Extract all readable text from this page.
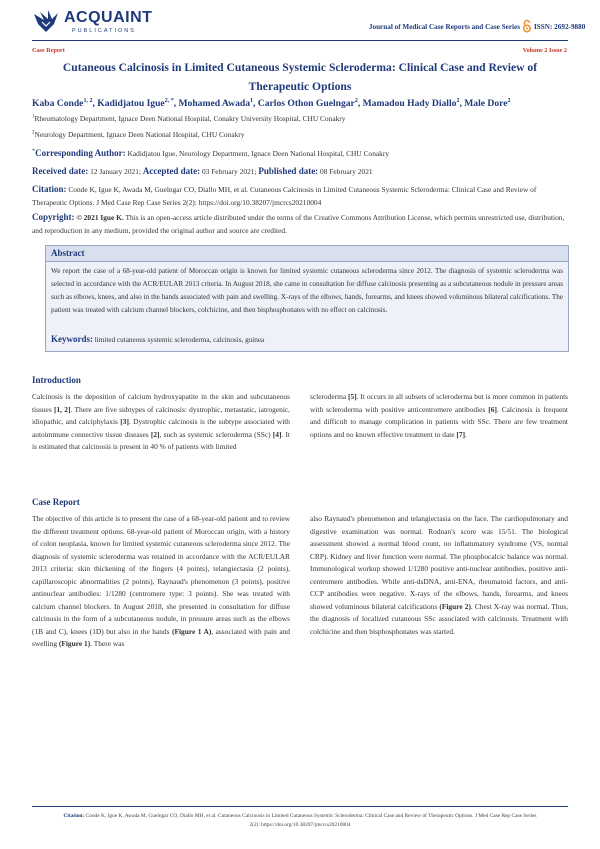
ACQUAINT
PUBLICATIONS	Journal of Medical Case Reports and Case Series ISSN: 2692-9880
Case Report	Volume 2 Issue 2
Cutaneous Calcinosis in Limited Cutaneous Systemic Scleroderma: Clinical Case and Review of
Therapeutic Options
Kaba Conde$^{1, 2}$, Kadidjatou Igue$^{2, *}$, Mohamed Awada$^1$, Carlos Othon Guelngar$^2$, Mamadou Hady Diallo$^2$, Male Dore$^2$
$^1$Rheumatology Department, Ignace Deen National Hospital, Conakry University Hospital, CHU Conakry
$^2$Neurology Department, Ignace Deen National Hospital, CHU Conakry
*Corresponding Author: Kadidjatou Igue, Neurology Department, Ignace Deen National Hospital, CHU Conakry
Received date: 12 January 2021; Accepted date: 03 February 2021; Published date: 08 February 2021
Citation: Conde K, Igue K, Awada M, Guelngar CO, Diallo MH, et al. Cutaneous Calcinosis in Limited Cutaneous Systemic Scleroderma: Clinical Case and Review of Therapeutic Options. J Med Case Rep Case Series 2(2): https://doi.org/10.38207/jmcrcs20210004
Copyright: © 2021 Igue K. This is an open-access article distributed under the terms of the Creative Commons Attribution License, which permits unrestricted use, distribution, and reproduction in any medium, provided the original author and source are credited.
Abstract
We report the case of a 68-year-old patient of Moroccan origin is known for limited systemic cutaneous scleroderma since 2012. The diagnosis of systemic scleroderma was selected in accordance with the ACR/EULAR 2013 criteria. In August 2018, she came in consultation for diffuse calcinosis presenting as a subcutaneous nodule in pressure areas such as elbows, knees, and also in the hands associated with pain and swelling. X-rays of the elbows, hands, forearms, and knees showed voluminous bilateral calcifications. The patient was treated with calcium channel blockers, colchicine, and then bisphosphonates with no effect on calcinosis.
Keywords: limited cutaneous systemic scleroderma, calcinosis, guinea
Introduction

Calcinosis is the deposition of calcium hydroxyapatite in the skin and subcutaneous tissues [1, 2]. There are five subtypes of calcinosis: dystrophic, metastatic, iatrogenic, idiopathic, and calciphylaxis [3]. Dystrophic calcinosis is the subtype associated with autoimmune connective tissue diseases [2], such as systemic scleroderma (SSc) [4]. It is estimated that calcinosis is present in 40 % of patients with limited

scleroderma [5]. It occurs in all subsets of scleroderma but is more common in patients with scleroderma with positive anticentromere antibodies [6]. Calcinosis is frequent and difficult to manage complication in patients with SSc. There are few treatment options and no known effective treatment to date [7].

Case Report

The objective of this article is to present the case of a 68-year-old patient and to review the different treatment options. 68-year-old patient of Moroccan origin, with a history of colon neoplasia, known for limited systemic cutaneous scleroderma since 2012. The diagnosis of systemic scleroderma was retained in accordance with the ACR/EULAR 2013 criteria: skin thickening of the fingers (4 points), telangiectasia (2 points), capillaroscopic abnormalities (2 points), Raynaud's phenomenon (3 points), positive antinuclear antibodies: 1/1280 (centromere type: 3 points). She was treated with calcium channel blockers. In August 2018, she presented in consultation for diffuse calcinosis in the form of a subcutaneous nodule, in pressure areas such as the elbows (1B and C), knees (1D) but also in the hands (Figure 1 A), associated with pain and swelling (Figure 1). There was

also Raynaud's phenomenon and telangiectasia on the face. The cardiopulmonary and digestive examination was normal. Rodnan's score was 15/51. The biological assessment showed a normal blood count, no inflammatory syndrome (VS, normal CRP). Kidney and liver function were normal. The phosphocalcic balance was normal. Immunological workup showed 1/1280 positive anti-nuclear antibodies, positive anti-centromere antibodies. While anti-dsDNA, anti-ENA, rheumatoid factors, and anti-CCP antibodies were negative. X-rays of the elbows, hands, forearms, and knees showed voluminous bilateral calcifications (Figure 2). Chest X-ray was normal. Thus, the diagnosis of localized cutaneous SSc associated with calcinosis. Treatment with colchicine and then bisphosphonates was started.

Citation: Conde K, Igue K, Awada M, Guelngar CO, Diallo MH, et al. Cutaneous Calcinosis in Limited Cutaneous Systemic Scleroderma: Clinical Case and Review of Therapeutic Options. J Med Case Rep Case Series
2(2): https://doi.org/10.38207/jmcrcs20210004
